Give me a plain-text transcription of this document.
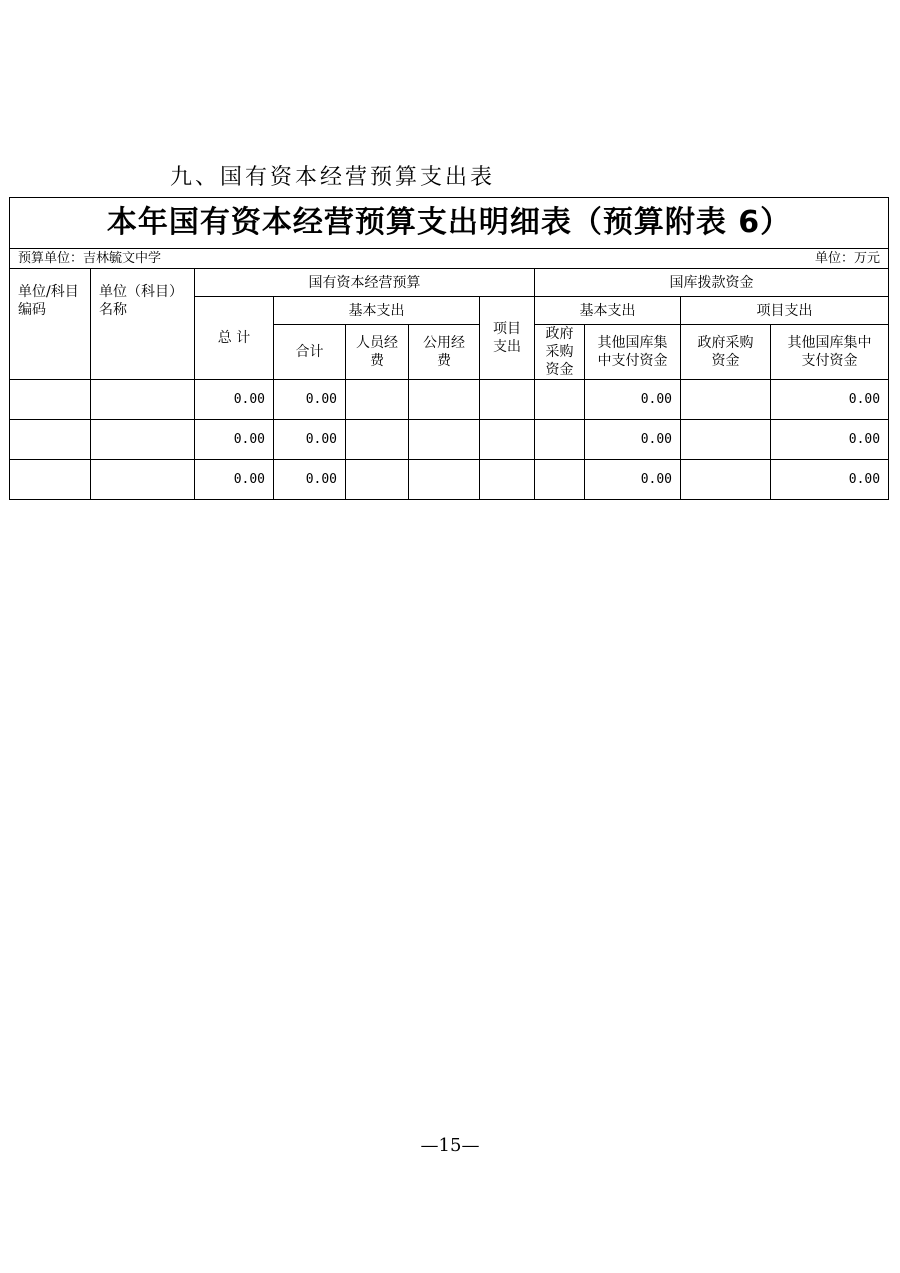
九、国有资本经营预算支出表
本年国有资本经营预算支出明细表（预算附表 6）										
预算单位：吉林毓文中学						单位：万元				
单位/科目编码	单位（科目）名称	国有资本经营预算					国库拨款资金			
		总 计	基本支出			项目支出	基本支出		项目支出	
			合计	人员经费	公用经费		政府采购资金	其他国库集中支付资金	政府采购资金	其他国库集中支付资金
		0.00	0.00					0.00		0.00
		0.00	0.00					0.00		0.00
		0.00	0.00					0.00		0.00
—15—
